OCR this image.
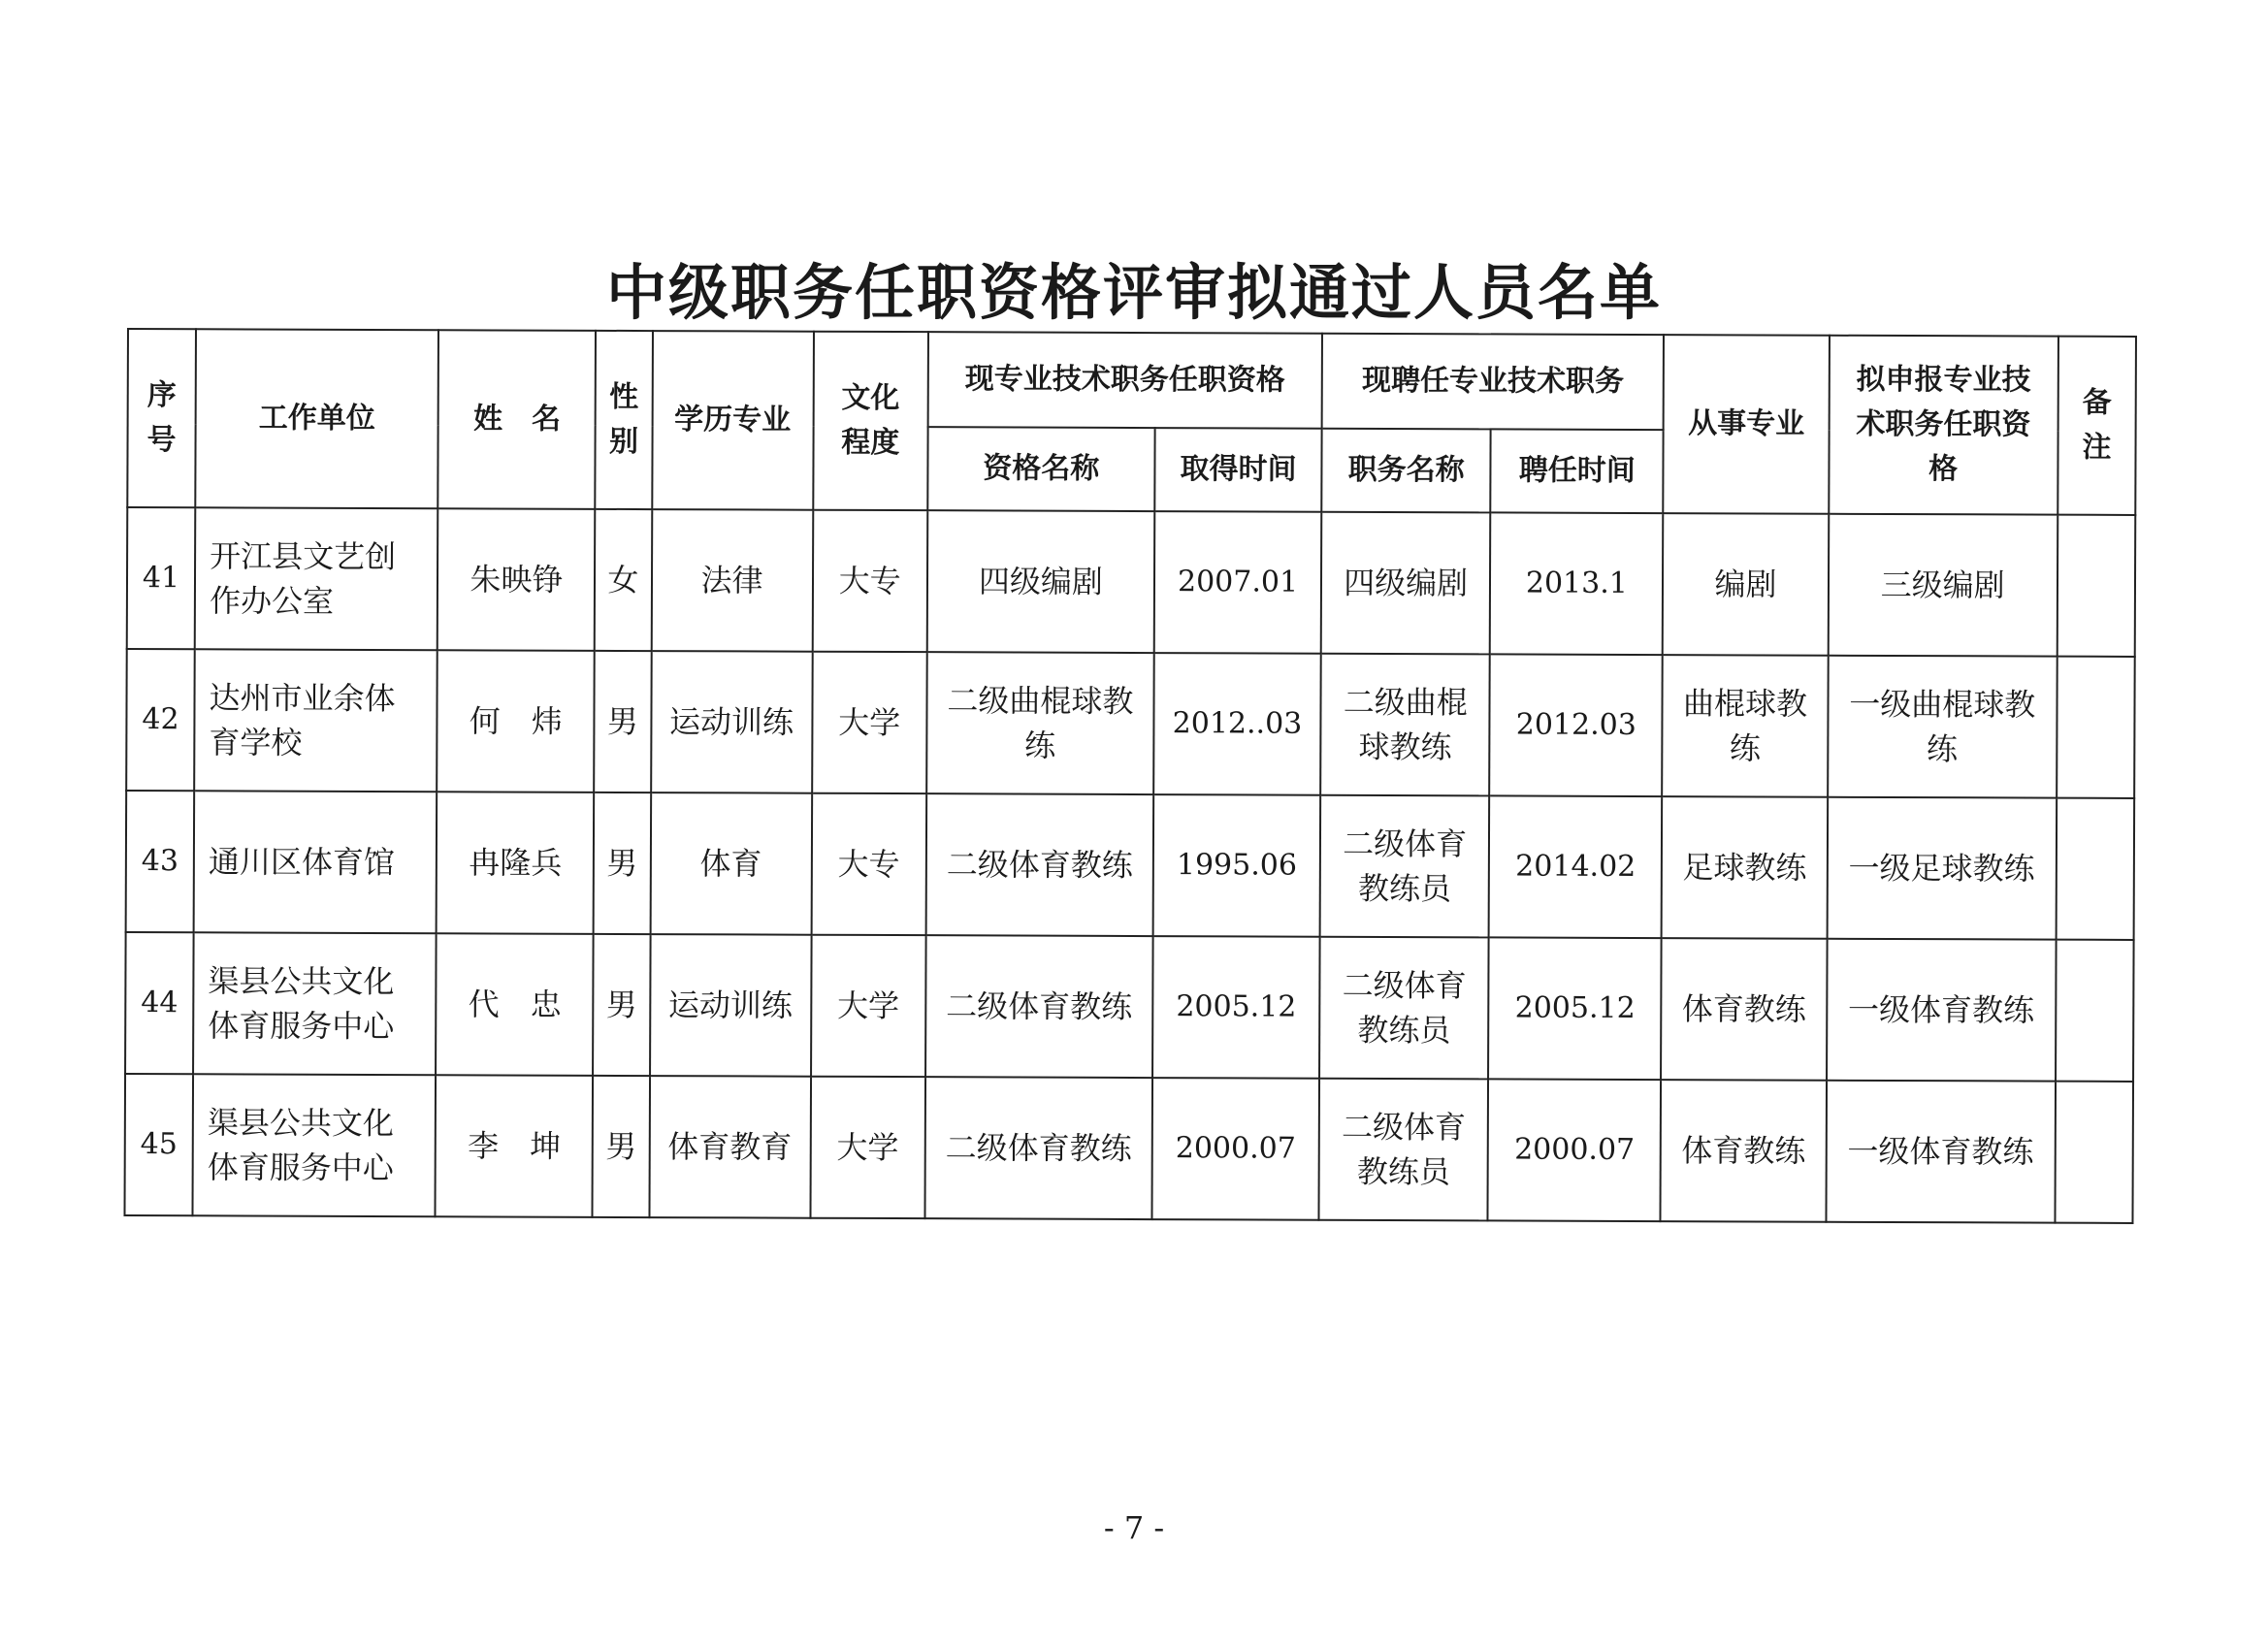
中级职务任职资格评审拟通过人员名单
序号	工作单位	姓　名	性别	学历专业	文化程度	现专业技术职务任职资格		现聘任专业技术职务		从事专业	拟申报专业技术职务任职资格	备注
						资格名称	取得时间	职务名称	聘任时间			
41	开江县文艺创作办公室	朱映铮	女	法律	大专	四级编剧	2007.01	四级编剧	2013.1	编剧	三级编剧	
42	达州市业余体育学校	何　炜	男	运动训练	大学	二级曲棍球教练	2012..03	二级曲棍球教练	2012.03	曲棍球教练	一级曲棍球教练	
43	通川区体育馆	冉隆兵	男	体育	大专	二级体育教练	1995.06	二级体育教练员	2014.02	足球教练	一级足球教练	
44	渠县公共文化体育服务中心	代　忠	男	运动训练	大学	二级体育教练	2005.12	二级体育教练员	2005.12	体育教练	一级体育教练	
45	渠县公共文化体育服务中心	李　坤	男	体育教育	大学	二级体育教练	2000.07	二级体育教练员	2000.07	体育教练	一级体育教练	
- 7 -
